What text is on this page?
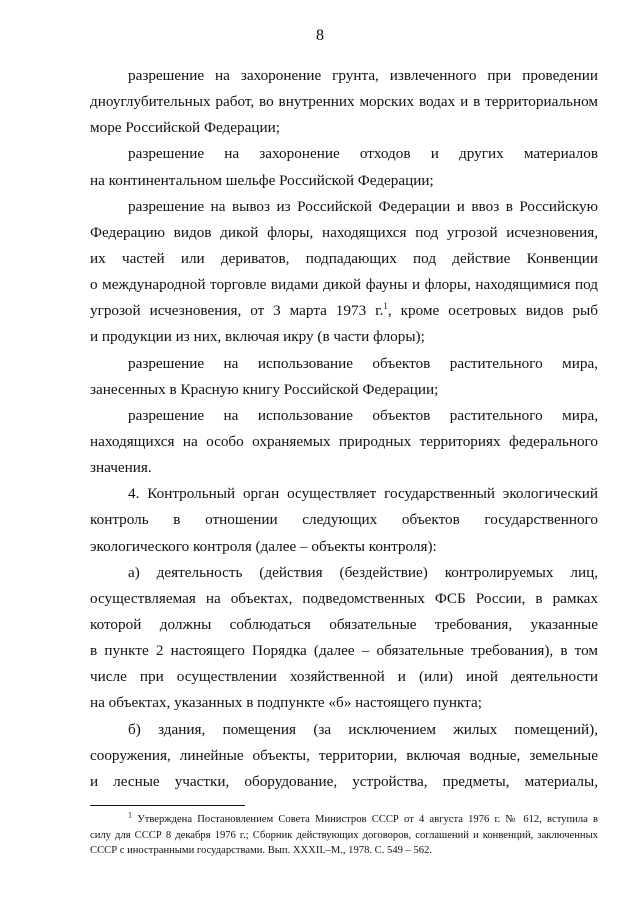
8
разрешение на захоронение грунта, извлеченного при проведении
дноуглубительных работ, во внутренних морских водах и в территориальном
море Российской Федерации;
разрешение на захоронение отходов и других материалов
на континентальном шельфе Российской Федерации;
разрешение на вывоз из Российской Федерации и ввоз в Российскую
Федерацию видов дикой флоры, находящихся под угрозой исчезновения,
их частей или дериватов, подпадающих под действие Конвенции
о международной торговле видами дикой фауны и флоры, находящимися под
угрозой исчезновения, от 3 марта 1973 г.$^1$, кроме осетровых видов рыб
и продукции из них, включая икру (в части флоры);
разрешение на использование объектов растительного мира,
занесенных в Красную книгу Российской Федерации;
разрешение на использование объектов растительного мира,
находящихся на особо охраняемых природных территориях федерального
значения.
4. Контрольный орган осуществляет государственный экологический
контроль в отношении следующих объектов государственного
экологического контроля (далее – объекты контроля):
а) деятельность (действия (бездействие) контролируемых лиц,
осуществляемая на объектах, подведомственных ФСБ России, в рамках
которой должны соблюдаться обязательные требования, указанные
в пункте 2 настоящего Порядка (далее – обязательные требования), в том
числе при осуществлении хозяйственной и (или) иной деятельности
на объектах, указанных в подпункте «б» настоящего пункта;
б) здания, помещения (за исключением жилых помещений),
сооружения, линейные объекты, территории, включая водные, земельные
и лесные участки, оборудование, устройства, предметы, материалы,
$^1$ Утверждена Постановлением Совета Министров СССР от 4 августа 1976 г. № 612, вступила в
силу для СССР 8 декабря 1976 г.; Сборник действующих договоров, соглашений и конвенций, заключенных
СССР с иностранными государствами. Вып. XXXII.–М., 1978. С. 549 – 562.
